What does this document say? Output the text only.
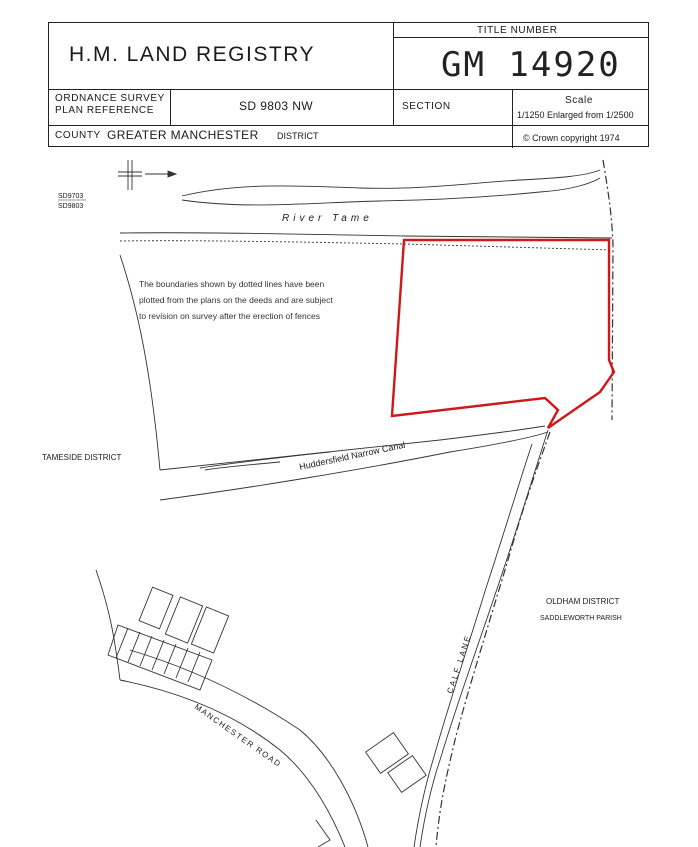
H.M. LAND REGISTRY
TITLE NUMBER
GM 14920
ORDNANCE SURVEY
PLAN REFERENCE	SD 9803 NW	SECTION
Scale
1/1250 Enlarged from 1/2500
COUNTY GREATER MANCHESTER DISTRICT	© Crown copyright 1974
SD9703
SD9803
River Tame
Huddersfield Narrow Canal
TAMESIDE DISTRICT
OLDHAM DISTRICT
SADDLEWORTH PARISH
CALF LANE
MANCHESTER ROAD
The boundaries shown by dotted lines have been
plotted from the plans on the deeds and are subject
to revision on survey after the erection of fences
